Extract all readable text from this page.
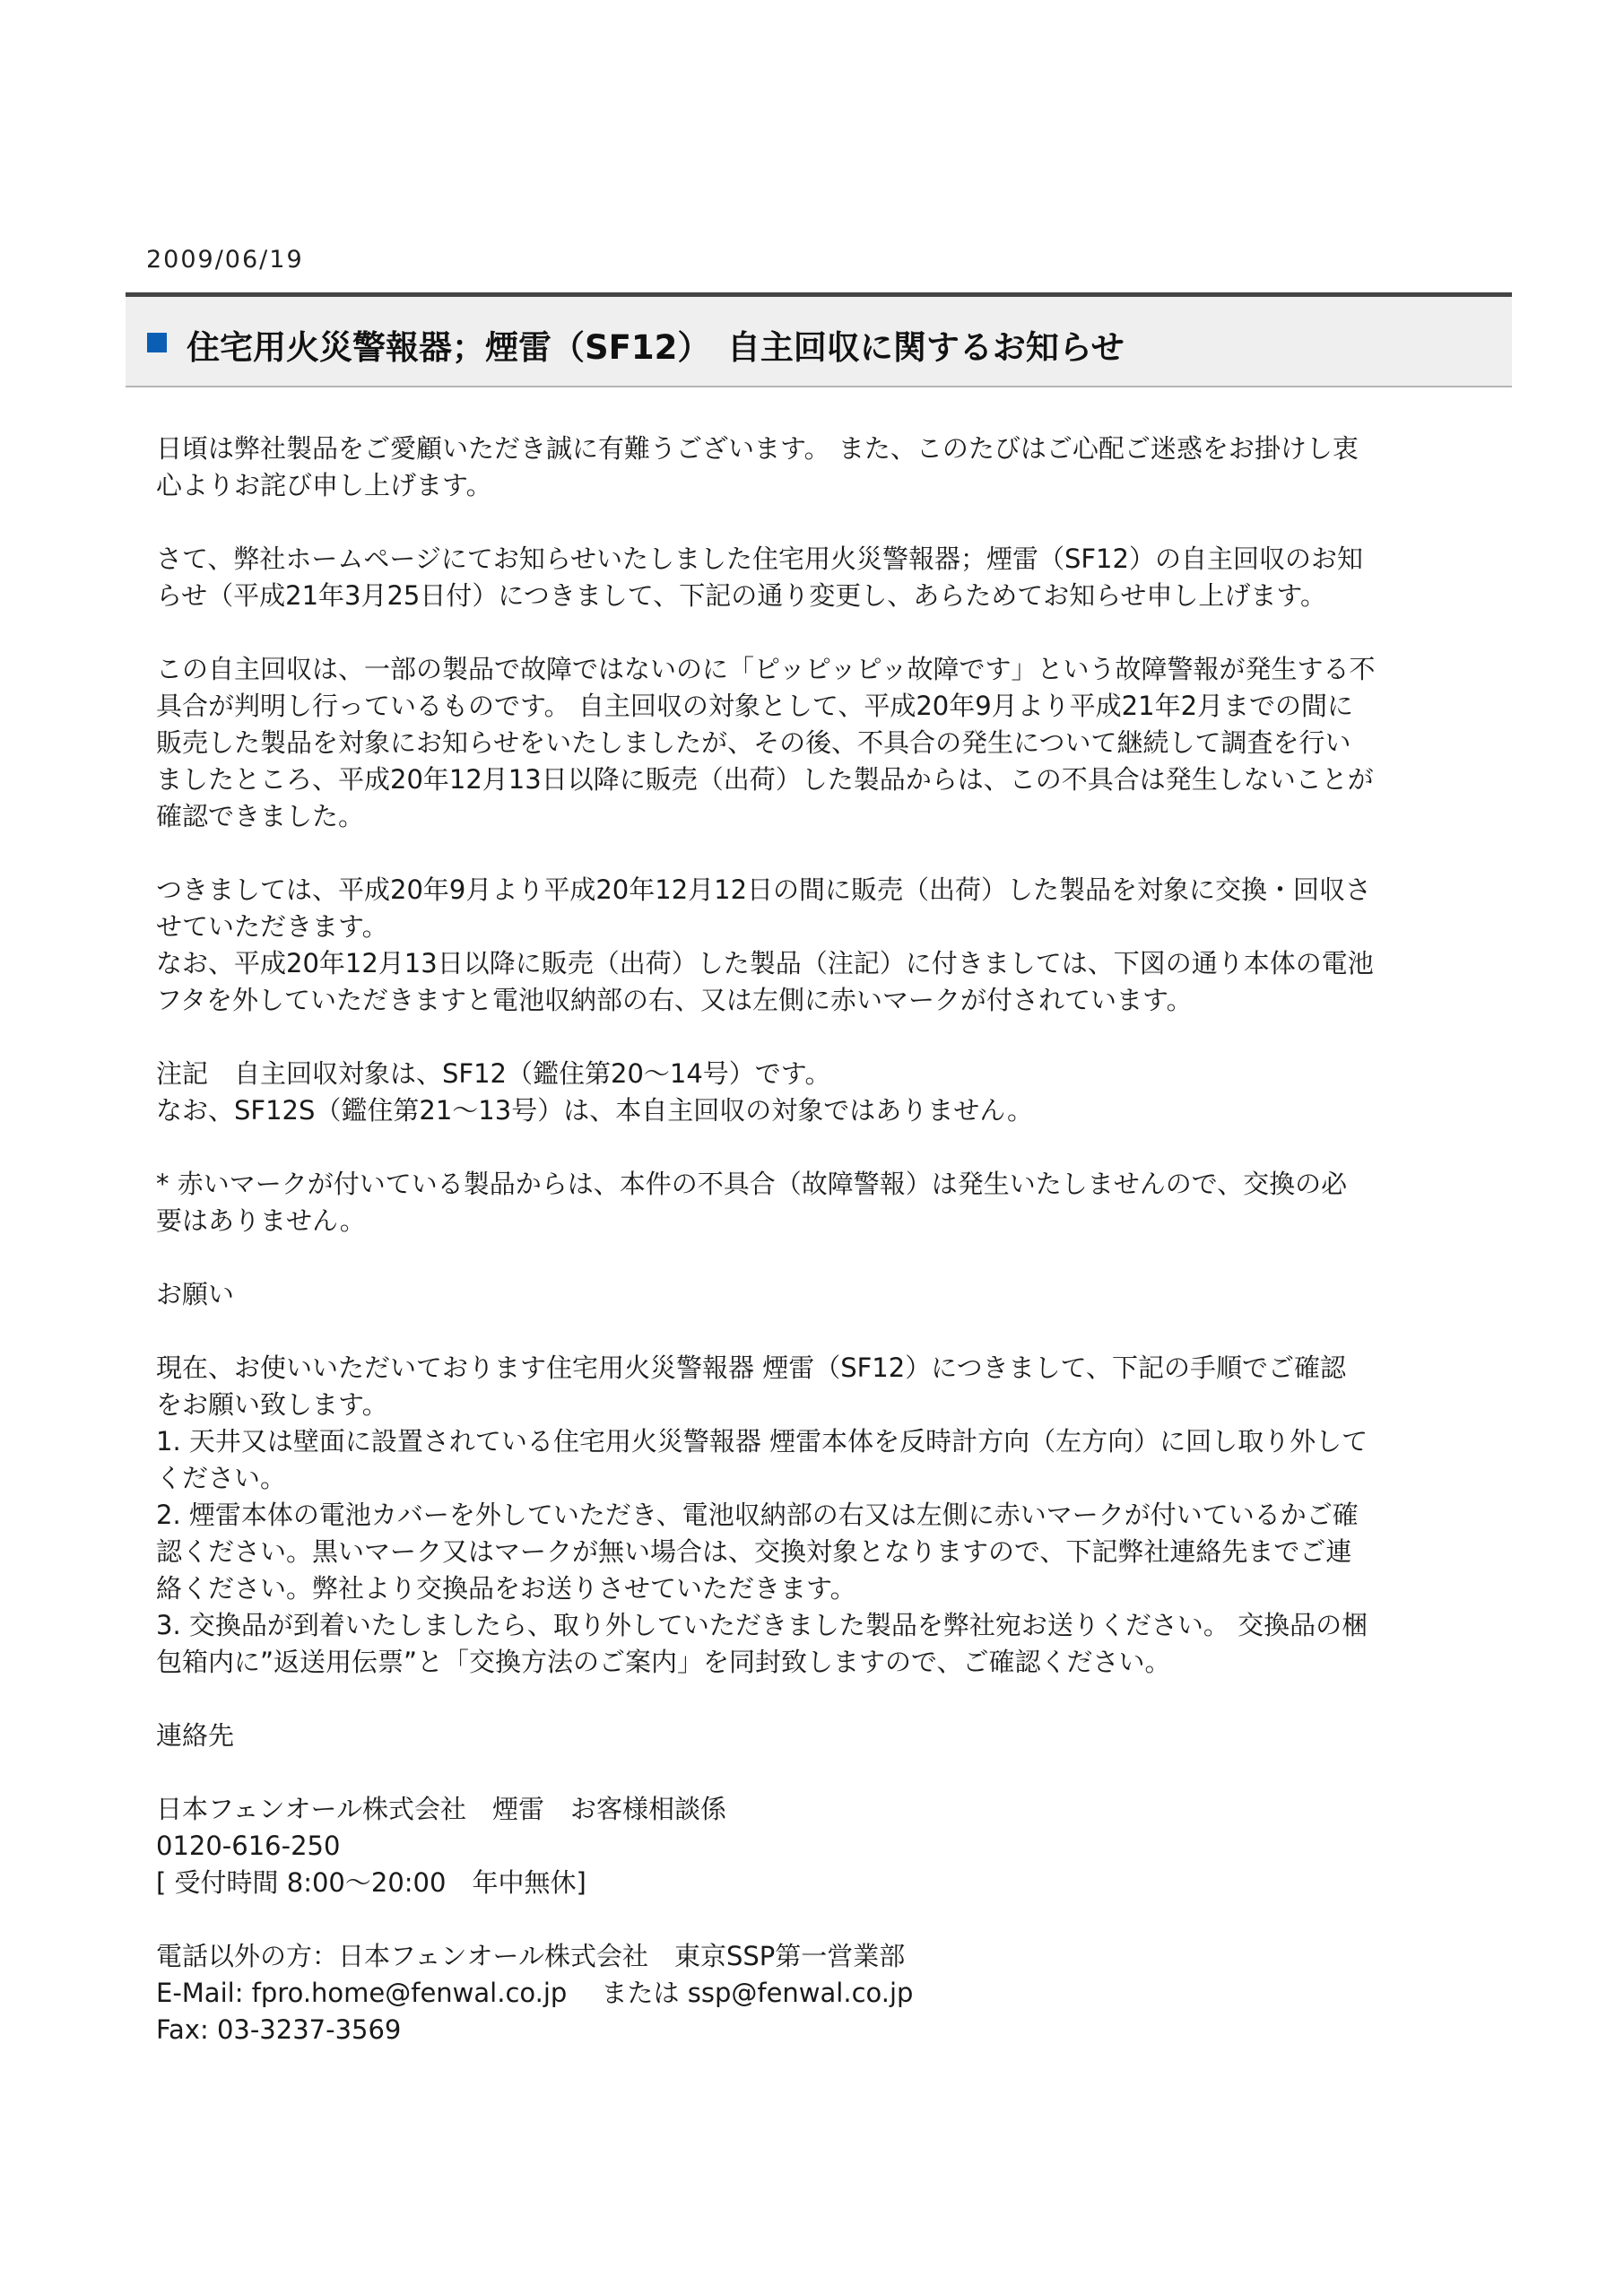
2009/06/19
住宅用火災警報器；煙雷（SF12）　自主回収に関するお知らせ

日頃は弊社製品をご愛顧いただき誠に有難うございます。 また、このたびはご心配ご迷惑をお掛けし衷
心よりお詫び申し上げます。

さて、弊社ホームページにてお知らせいたしました住宅用火災警報器；煙雷（SF12）の自主回収のお知
らせ（平成21年3月25日付）につきまして、下記の通り変更し、あらためてお知らせ申し上げます。

この自主回収は、一部の製品で故障ではないのに「ピッピッピッ故障です」という故障警報が発生する不
具合が判明し行っているものです。 自主回収の対象として、平成20年9月より平成21年2月までの間に
販売した製品を対象にお知らせをいたしましたが、その後、不具合の発生について継続して調査を行い
ましたところ、平成20年12月13日以降に販売（出荷）した製品からは、この不具合は発生しないことが
確認できました。

つきましては、平成20年9月より平成20年12月12日の間に販売（出荷）した製品を対象に交換・回収さ
せていただきます。
なお、平成20年12月13日以降に販売（出荷）した製品（注記）に付きましては、下図の通り本体の電池
フタを外していただきますと電池収納部の右、又は左側に赤いマークが付されています。

注記　自主回収対象は、SF12（鑑住第20～14号）です。
なお、SF12S（鑑住第21～13号）は、本自主回収の対象ではありません。

* 赤いマークが付いている製品からは、本件の不具合（故障警報）は発生いたしませんので、交換の必
要はありません。

お願い

現在、お使いいただいております住宅用火災警報器 煙雷（SF12）につきまして、下記の手順でご確認
をお願い致します。
1. 天井又は壁面に設置されている住宅用火災警報器 煙雷本体を反時計方向（左方向）に回し取り外して
ください。
2. 煙雷本体の電池カバーを外していただき、電池収納部の右又は左側に赤いマークが付いているかご確
認ください。黒いマーク又はマークが無い場合は、交換対象となりますので、下記弊社連絡先までご連
絡ください。弊社より交換品をお送りさせていただきます。
3. 交換品が到着いたしましたら、取り外していただきました製品を弊社宛お送りください。 交換品の梱
包箱内に”返送用伝票”と「交換方法のご案内」を同封致しますので、ご確認ください。

連絡先

日本フェンオール株式会社　煙雷　お客様相談係
0120-616-250
[ 受付時間 8:00～20:00　年中無休]

電話以外の方：日本フェンオール株式会社　東京SSP第一営業部
E-Mail: fpro.home@fenwal.co.jp　 または ssp@fenwal.co.jp
Fax: 03-3237-3569
